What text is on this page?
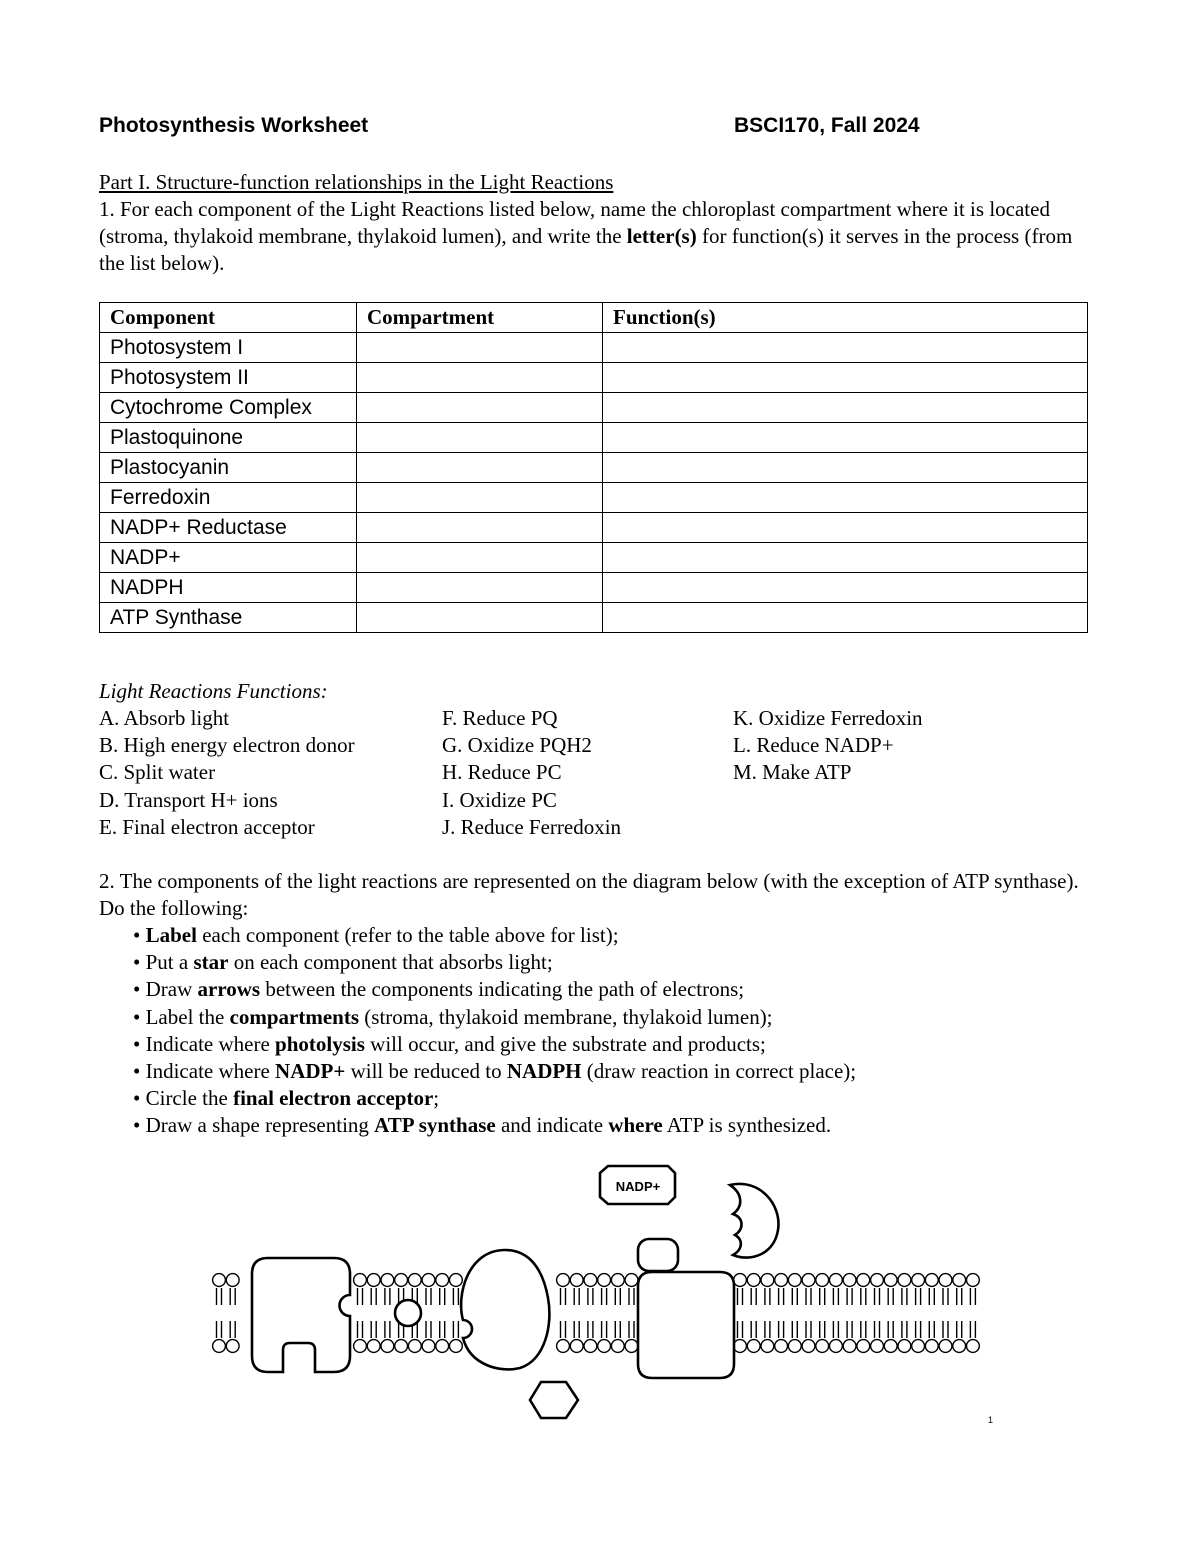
Photosynthesis Worksheet	BSCI170, Fall 2024
Part I. Structure-function relationships in the Light Reactions
1. For each component of the Light Reactions listed below, name the chloroplast compartment where it is located (stroma, thylakoid membrane, thylakoid lumen), and write the letter(s) for function(s) it serves in the process (from the list below).
Component	Compartment	Function(s)
Photosystem I		
Photosystem II		
Cytochrome Complex		
Plastoquinone		
Plastocyanin		
Ferredoxin		
NADP+ Reductase		
NADP+		
NADPH		
ATP Synthase		
Light Reactions Functions:
A. Absorb light
B. High energy electron donor
C. Split water
D. Transport H+ ions
E. Final electron acceptor
F. Reduce PQ
G. Oxidize PQH2
H. Reduce PC
I. Oxidize PC
J. Reduce Ferredoxin
K. Oxidize Ferredoxin
L. Reduce NADP+
M. Make ATP
2. The components of the light reactions are represented on the diagram below (with the exception of ATP synthase). Do the following:
• Label each component (refer to the table above for list);
• Put a star on each component that absorbs light;
• Draw arrows between the components indicating the path of electrons;
• Label the compartments (stroma, thylakoid membrane, thylakoid lumen);
• Indicate where photolysis will occur, and give the substrate and products;
• Indicate where NADP+ will be reduced to NADPH (draw reaction in correct place);
• Circle the final electron acceptor;
• Draw a shape representing ATP synthase and indicate where ATP is synthesized.
NADP+
1
